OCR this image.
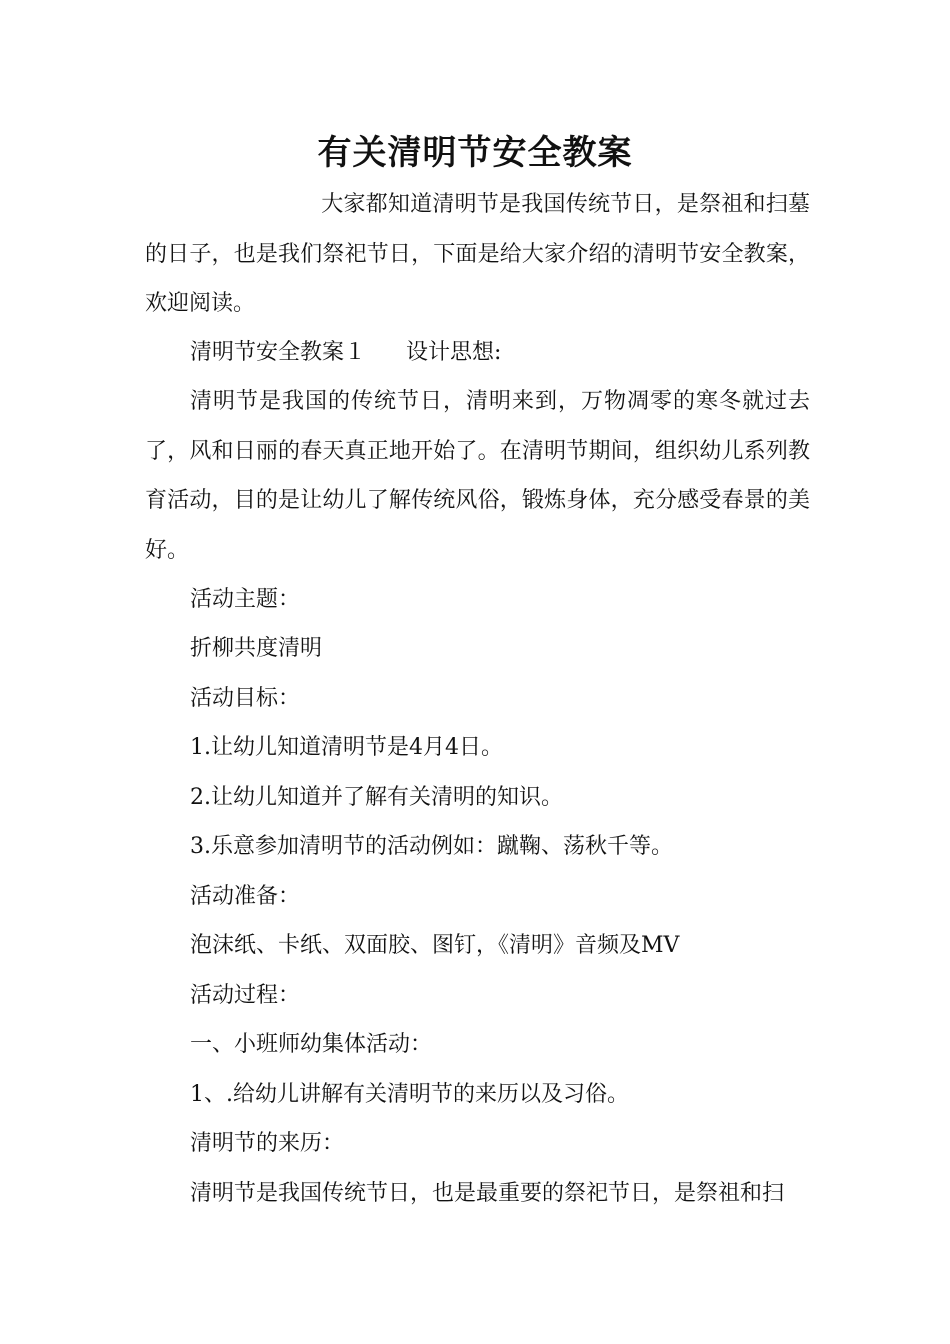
有关清明节安全教案

大家都知道清明节是我国传统节日，是祭祖和扫墓的日子，也是我们祭祀节日，下面是给大家介绍的清明节安全教案，欢迎阅读。

清明节安全教案１ 设计思想:

清明节是我国的传统节日，清明来到，万物凋零的寒冬就过去了，风和日丽的春天真正地开始了。在清明节期间，组织幼儿系列教育活动，目的是让幼儿了解传统风俗，锻炼身体，充分感受春景的美好。

活动主题：

折柳共度清明

活动目标：

1.让幼儿知道清明节是4月4日。

2.让幼儿知道并了解有关清明的知识。

3.乐意参加清明节的活动例如：蹴鞠、荡秋千等。

活动准备：

泡沫纸、卡纸、双面胶、图钉，《清明》音频及MV

活动过程：

一、小班师幼集体活动：

1、.给幼儿讲解有关清明节的来历以及习俗。

清明节的来历：

清明节是我国传统节日，也是最重要的祭祀节日，是祭祖和扫
